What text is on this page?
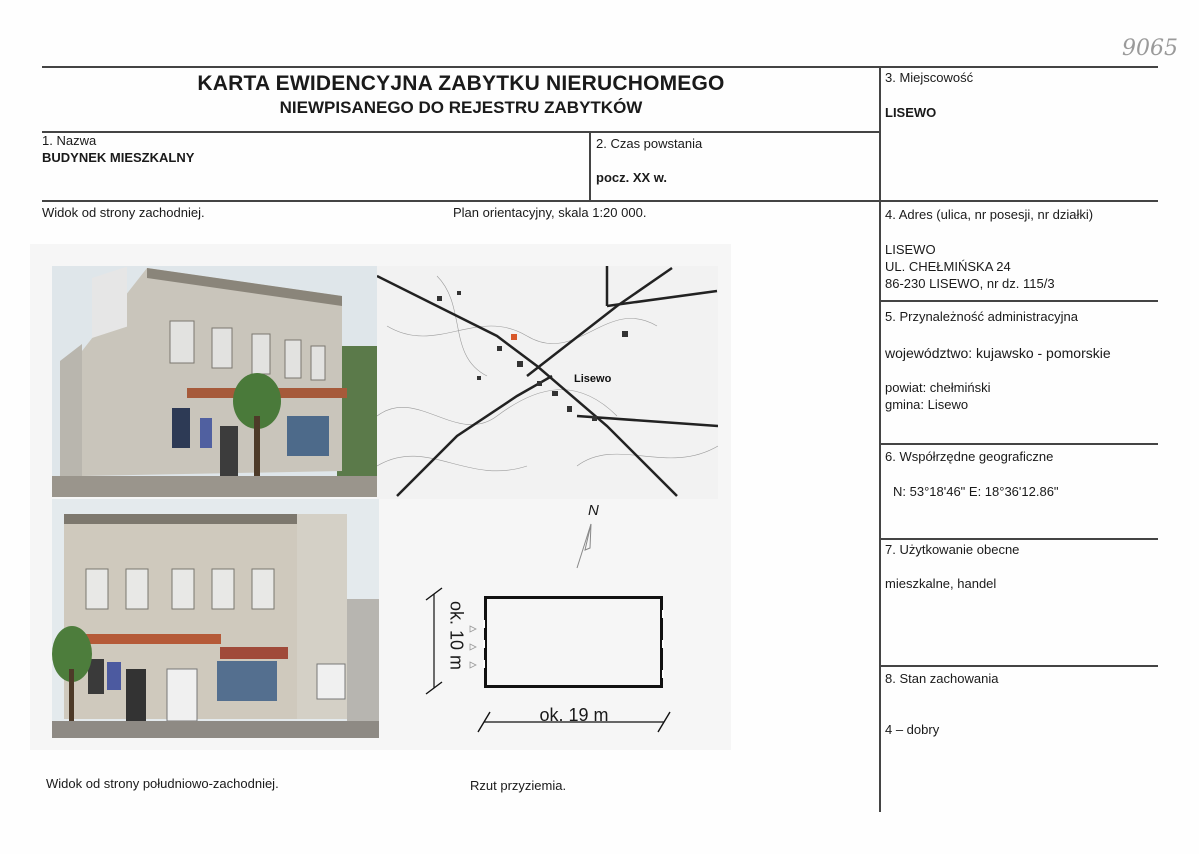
9065
KARTA EWIDENCYJNA ZABYTKU NIERUCHOMEGO
NIEWPISANEGO DO REJESTRU ZABYTKÓW
3. Miejscowość
LISEWO
1. Nazwa
BUDYNEK MIESZKALNY
2. Czas powstania
pocz. XX w.
Widok od strony zachodniej.	Plan orientacyjny, skala 1:20 000.	4. Adres (ulica, nr posesji, nr działki)
LISEWO
UL. CHEŁMIŃSKA 24
86-230 LISEWO, nr dz. 115/3
5. Przynależność administracyjna
województwo: kujawsko - pomorskie
powiat: chełmiński
gmina: Lisewo
6. Współrzędne geograficzne
N: 53°18'46" E: 18°36'12.86"
7. Użytkowanie obecne
mieszkalne, handel
8. Stan zachowania
4 – dobry
Lisewo
N
ok. 10 m
ok. 19 m
Widok od strony południowo-zachodniej.	Rzut przyziemia.
